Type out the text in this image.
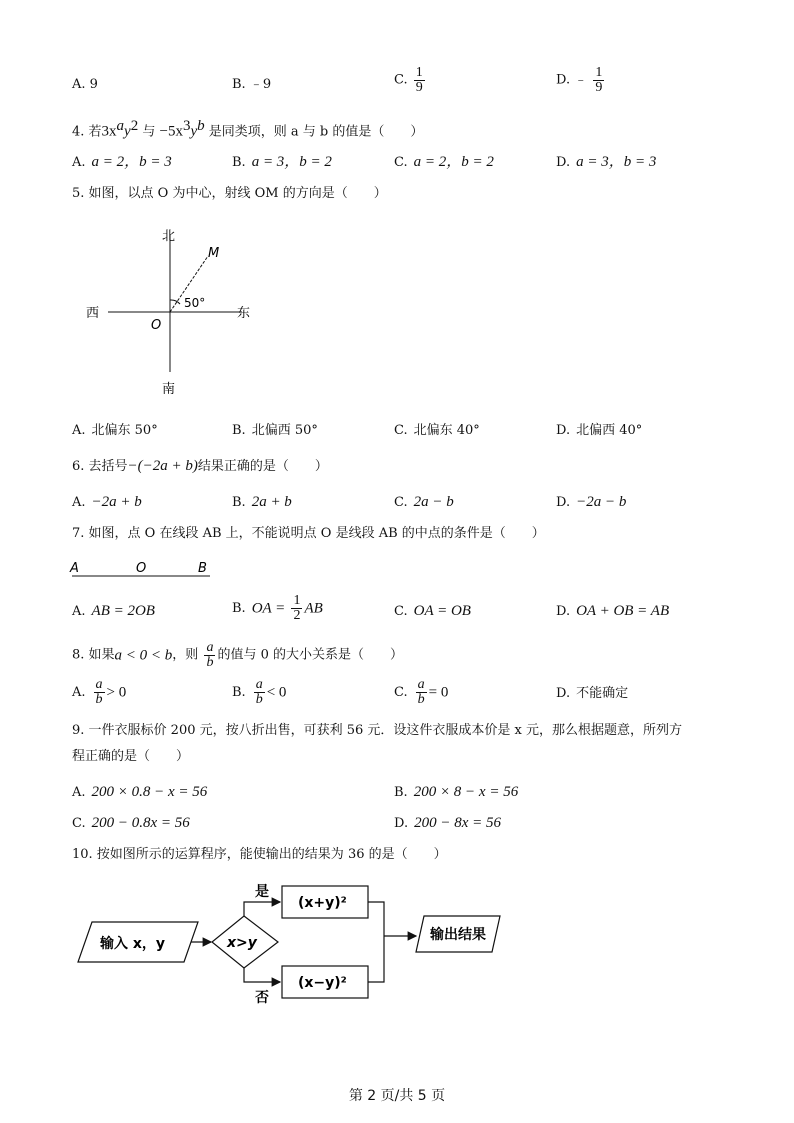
A. 9	B. ﹣9	C. $\frac{1}{9}$	D. ﹣ $\frac{1}{9}$
4. 若$3x^ay^2$ 与 $-5x^3y^b$ 是同类项，则 a 与 b 的值是（　　）
A. a = 2，b = 3	B. a = 3，b = 2	C. a = 2，b = 2	D. a = 3，b = 3
5. 如图，以点 O 为中心，射线 OM 的方向是（　　）
北
南
西	东
O
M
50°
A. 北偏东 50°	B. 北偏西 50°	C. 北偏东 40°	D. 北偏西 40°
6. 去括号−(−2a + b)结果正确的是（　　）
A. −2a + b	B. 2a + b	C. 2a − b	D. −2a − b
7. 如图，点 O 在线段 AB 上，不能说明点 O 是线段 AB 的中点的条件是（　　）
A	O	B
A. AB = 2OB	B. OA = $\frac{1}{2}$ AB	C. OA = OB	D. OA + OB = AB
8. 如果a < 0 < b，则 $\frac{a}{b}$ 的值与 0 的大小关系是（　　）
A. $\frac{a}{b} > 0$	B. $\frac{a}{b} < 0$	C. $\frac{a}{b} = 0$	D. 不能确定
9. 一件衣服标价 200 元，按八折出售，可获利 56 元．设这件衣服成本价是 x 元，那么根据题意，所列方
程正确的是（　　）
A. 200 × 0.8 − x = 56	B. 200 × 8 − x = 56
C. 200 − 0.8x = 56	D. 200 − 8x = 56
10. 按如图所示的运算程序，能使输出的结果为 36 的是（　　）
输入 x，y	x>y
是
否
(x+y)²
(x−y)²
输出结果
第 2 页/共 5 页
